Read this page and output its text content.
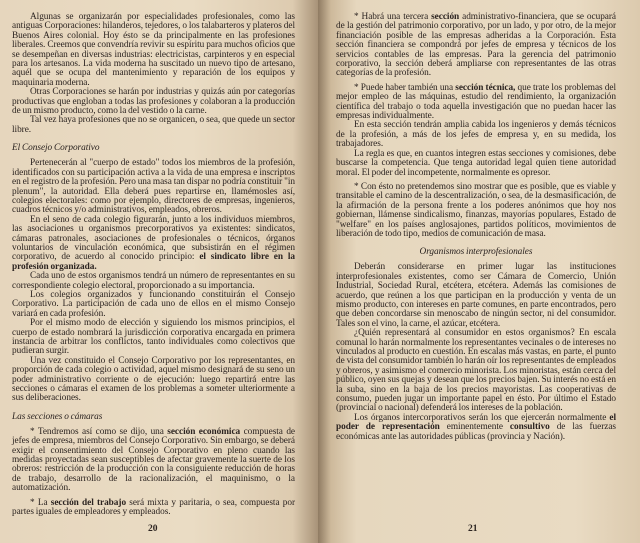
Algunas se organizarán por especialidades profesionales, como las antiguas Corporaciones: hilanderos, tejedores, o los talabarteros y plateros del Buenos Aires colonial. Hoy ésto se da principalmente en las profesiones liberales. Creemos que convendría revivir su espíritu para muchos oficios que se desempeñan en diversas industrias: electricistas, carpinteros y en especial para los artesanos. La vida moderna ha suscitado un nuevo tipo de artesano, aquél que se ocupa del mantenimiento y reparación de los equipos y maquinaria moderna.

Otras Corporaciones se harán por industrias y quizás aún por categorías productivas que engloban a todas las profesiones y colaboran a la producción de un mismo producto, como la del vestido o la carne.

Tal vez haya profesiones que no se organicen, o sea, que quede un sector libre.

El Consejo Corporativo

Pertenecerán al "cuerpo de estado" todos los miembros de la profesión, identificados con su participación activa a la vida de una empresa e inscriptos en el registro de la profesión. Pero una masa tan dispar no podría constituir "in plenum", la autoridad. Ella deberá pues repartirse en, llamémosles así, colegios electorales: como por ejemplo, directores de empresas, ingenieros, cuadros técnicos y/o administrativos, empleados, obreros.

En el seno de cada colegio figurarán, junto a los individuos miembros, las asociaciones u organismos precorporativos ya existentes: sindicatos, cámaras patronales, asociaciones de profesionales o técnicos, órganos voluntarios de vinculación económica, que subsistirán en el régimen corporativo, de acuerdo al conocido principio: el sindicato libre en la profesión organizada.

Cada uno de estos organismos tendrá un número de representantes en su correspondiente colegio electoral, proporcionado a su importancia.

Los colegios organizados y funcionando constituirán el Consejo Corporativo. La participación de cada uno de ellos en el mismo Consejo variará en cada profesión.

Por el mismo modo de elección y siguiendo los mismos principios, el cuerpo de estado nombrará la jurisdicción corporativa encargada en primera instancia de arbitrar los conflictos, tanto individuales como colectivos que pudieran surgir.

Una vez constituido el Consejo Corporativo por los representantes, en proporción de cada colegio o actividad, aquel mismo designará de su seno un poder administrativo corriente o de ejecución: luego repartirá entre las secciones o cámaras el examen de los problemas a someter ulteriormente a sus deliberaciones.

Las secciones o cámaras

* Tendremos así como se dijo, una sección económica compuesta de jefes de empresa, miembros del Consejo Corporativo. Sin embargo, se deberá exigir el consentimiento del Consejo Corporativo en pleno cuando las medidas proyectadas sean susceptibles de afectar gravemente la suerte de los obreros: restricción de la producción con la consiguiente reducción de horas de trabajo, desarrollo de la racionalización, el maquinismo, o la automatización.

* La sección del trabajo será mixta y paritaria, o sea, compuesta por partes iguales de empleadores y empleados.

20

* Habrá una tercera sección administrativo-financiera, que se ocupará de la gestión del patrimonio corporativo, por un lado, y por otro, de la mejor financiación posible de las empresas adheridas a la Corporación. Esta sección financiera se compondrá por jefes de empresa y técnicos de los servicios contables de las empresas. Para la gerencia del patrimonio corporativo, la sección deberá ampliarse con representantes de las otras categorías de la profesión.

* Puede haber también una sección técnica, que trate los problemas del mejor empleo de las máquinas, estudio del rendimiento, la organización científica del trabajo o toda aquella investigación que no puedan hacer las empresas individualmente.

En esta sección tendrán amplia cabida los ingenieros y demás técnicos de la profesión, a más de los jefes de empresa y, en su medida, los trabajadores.

La regla es que, en cuantos integren estas secciones y comisiones, debe buscarse la competencia. Que tenga autoridad legal quien tiene autoridad moral. El poder del incompetente, normalmente es opresor.

* Con ésto no pretendemos sino mostrar que es posible, que es viable y transitable el camino de la descentralización, o sea, de la desmasificación, de la afirmación de la persona frente a los poderes anónimos que hoy nos gobiernan, llámense sindicalismo, finanzas, mayorías populares, Estado de "welfare" en los países anglosajones, partidos políticos, movimientos de liberación de todo tipo, medios de comunicación de masa.

Organismos interprofesionales

Deberán considerarse en primer lugar las instituciones interprofesionales existentes, como ser Cámara de Comercio, Unión Industrial, Sociedad Rural, etcétera, etcétera. Además las comisiones de acuerdo, que reúnen a los que participan en la producción y venta de un mismo producto, con intereses en parte comunes, en parte encontrados, pero que deben concordarse sin menoscabo de ningún sector, ni del consumidor. Tales son el vino, la carne, el azúcar, etcétera.

¿Quién representará al consumidor en estos organismos? En escala comunal lo harán normalmente los representantes vecinales o de intereses no vinculados al producto en cuestión. En escalas más vastas, en parte, el punto de vista del consumidor también lo harán oír los representantes de empleados y obreros, y asimismo el comercio minorista. Los minoristas, están cerca del público, oyen sus quejas y desean que los precios bajen. Su interés no está en la suba, sino en la baja de los precios mayoristas. Las cooperativas de consumo, pueden jugar un importante papel en ésto. Por último el Estado (provincial o nacional) defenderá los intereses de la población.

Los órganos intercorporativos serán los que ejercerán normalmente el poder de representación eminentemente consultivo de las fuerzas económicas ante las autoridades públicas (provincia y Nación).

21
